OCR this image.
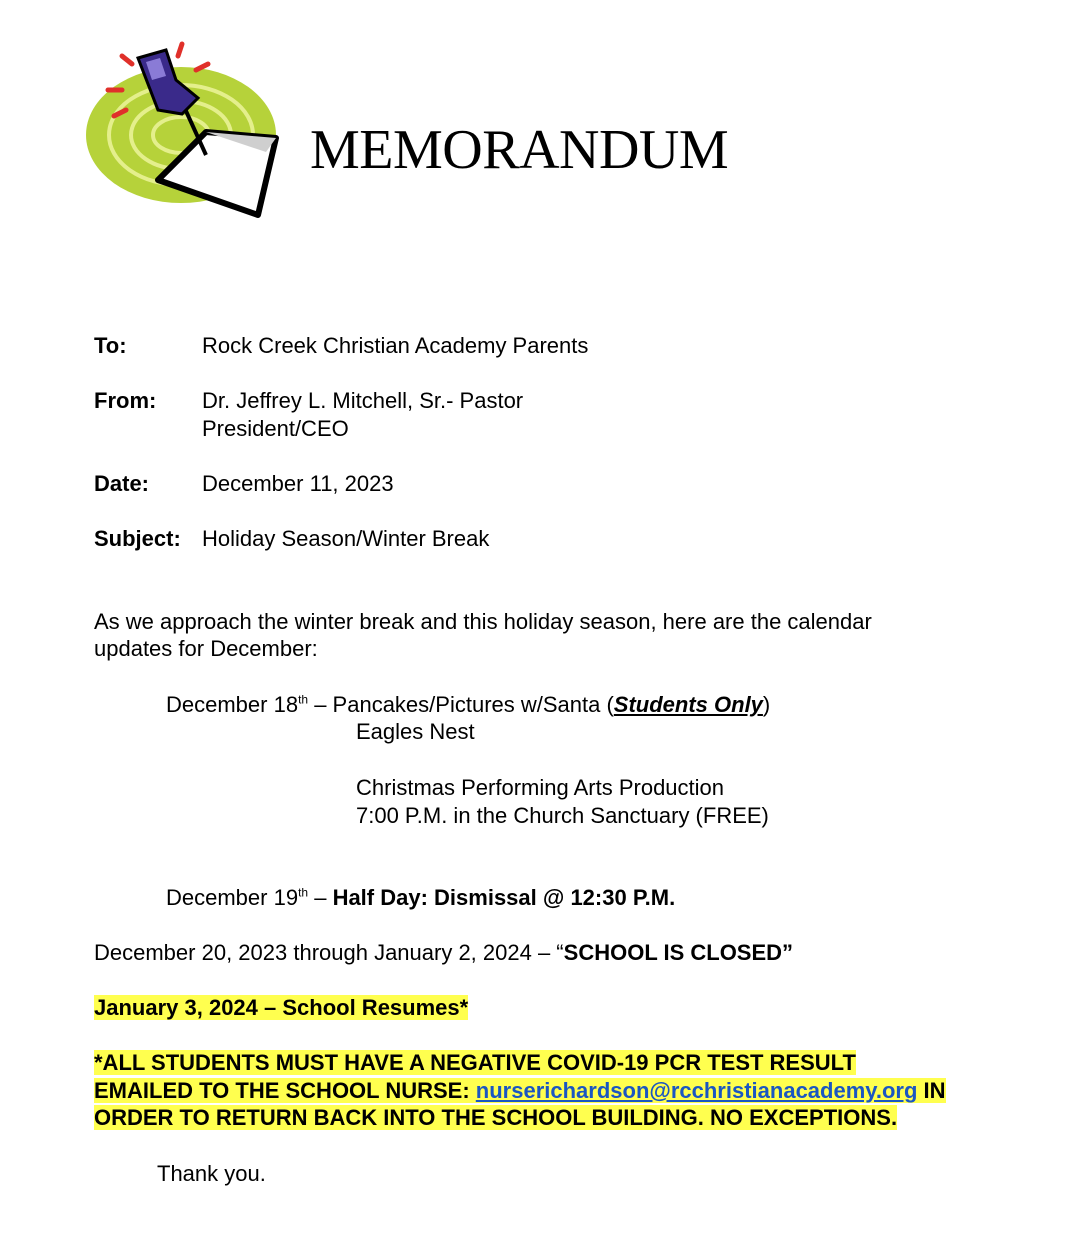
MEMORANDUM
To:	Rock Creek Christian Academy Parents
From: Dr. Jeffrey L. Mitchell, Sr.- Pastor
President/CEO
Date: December 11, 2023
Subject: Holiday Season/Winter Break
As we approach the winter break and this holiday season, here are the calendar
updates for December:
December 18th – Pancakes/Pictures w/Santa (Students Only)
Eagles Nest
Christmas Performing Arts Production
7:00 P.M. in the Church Sanctuary (FREE)
December 19th – Half Day: Dismissal @ 12:30 P.M.
December 20, 2023 through January 2, 2024 – “SCHOOL IS CLOSED”
January 3, 2024 – School Resumes*
*ALL STUDENTS MUST HAVE A NEGATIVE COVID-19 PCR TEST RESULT
EMAILED TO THE SCHOOL NURSE: nurserichardson@rcchristianacademy.org IN
ORDER TO RETURN BACK INTO THE SCHOOL BUILDING. NO EXCEPTIONS.
Thank you.
